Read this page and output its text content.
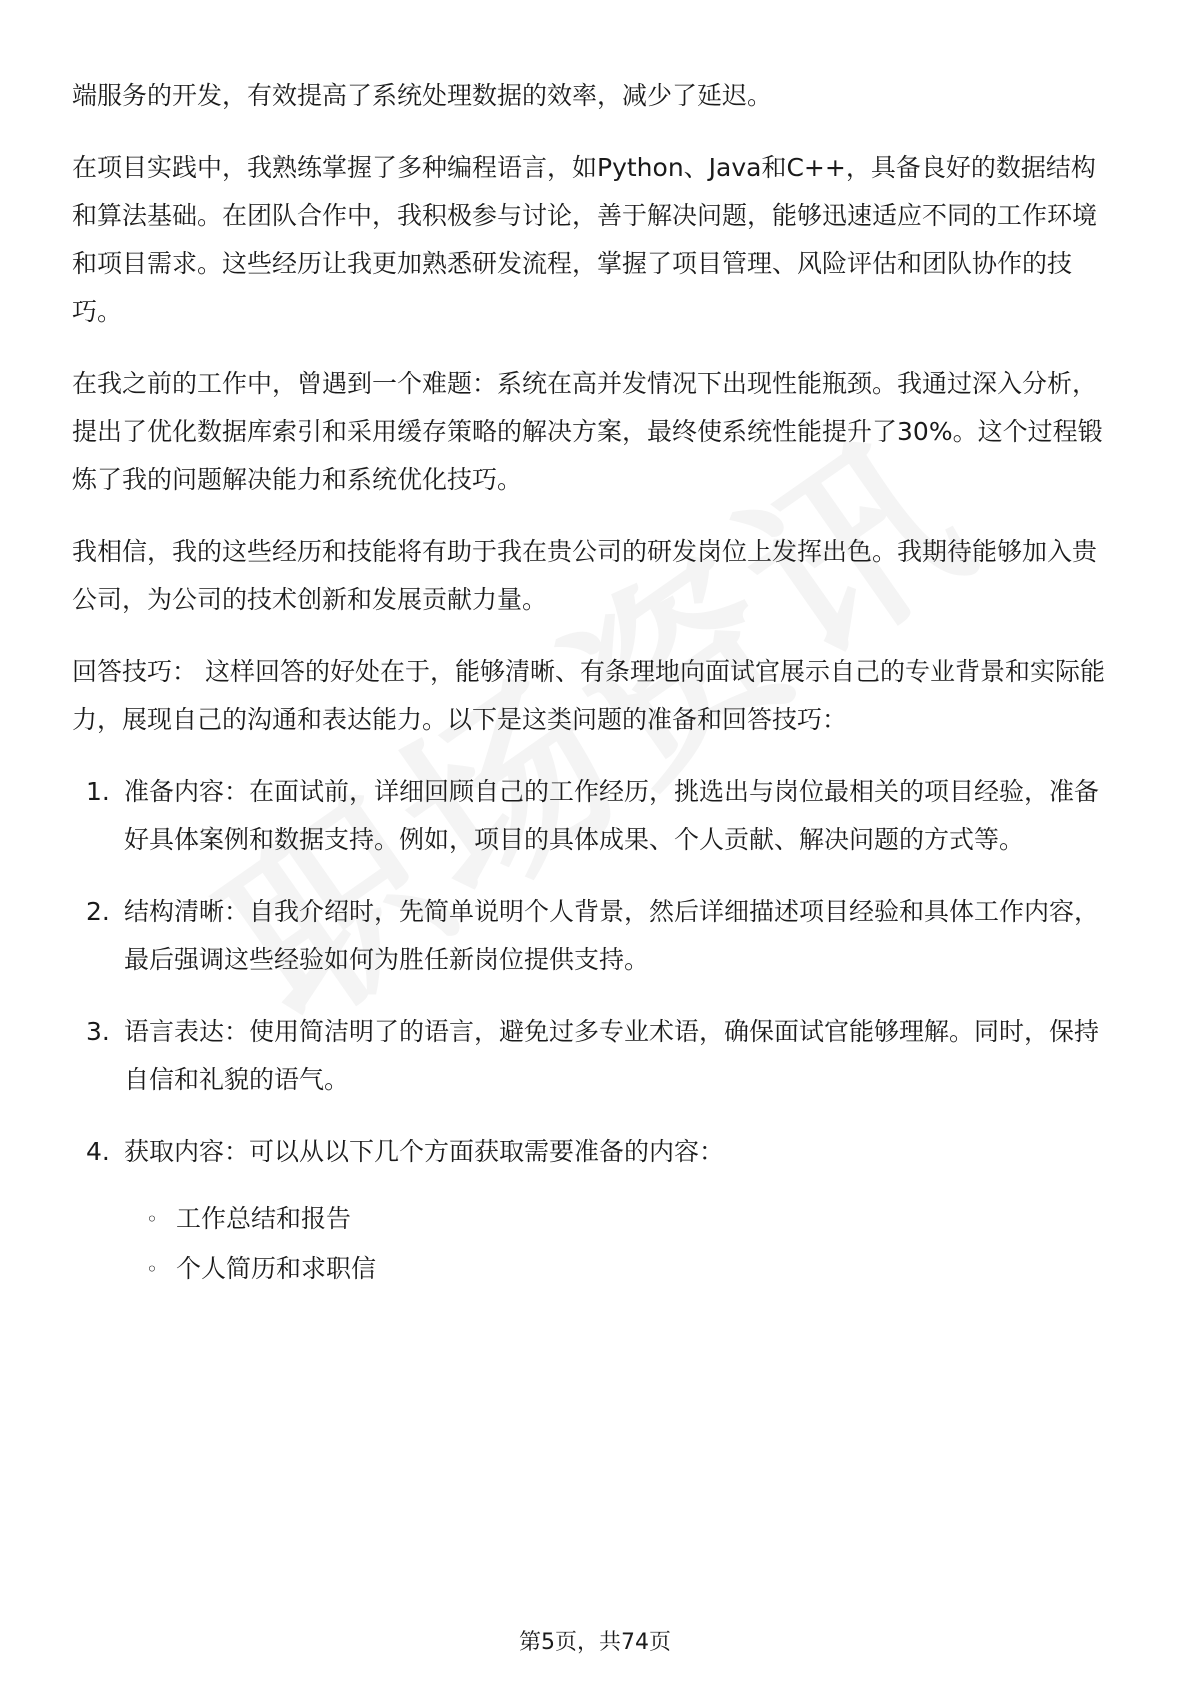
端服务的开发，有效提高了系统处理数据的效率，减少了延迟。

在项目实践中，我熟练掌握了多种编程语言，如Python、Java和C++，具备良好的数据结构和算法基础。在团队合作中，我积极参与讨论，善于解决问题，能够迅速适应不同的工作环境和项目需求。这些经历让我更加熟悉研发流程，掌握了项目管理、风险评估和团队协作的技巧。

在我之前的工作中，曾遇到一个难题：系统在高并发情况下出现性能瓶颈。我通过深入分析，提出了优化数据库索引和采用缓存策略的解决方案，最终使系统性能提升了30%。这个过程锻炼了我的问题解决能力和系统优化技巧。

我相信，我的这些经历和技能将有助于我在贵公司的研发岗位上发挥出色。我期待能够加入贵公司，为公司的技术创新和发展贡献力量。

回答技巧： 这样回答的好处在于，能够清晰、有条理地向面试官展示自己的专业背景和实际能力，展现自己的沟通和表达能力。以下是这类问题的准备和回答技巧：

1. 准备内容：在面试前，详细回顾自己的工作经历，挑选出与岗位最相关的项目经验，准备好具体案例和数据支持。例如，项目的具体成果、个人贡献、解决问题的方式等。
2. 结构清晰：自我介绍时，先简单说明个人背景，然后详细描述项目经验和具体工作内容，最后强调这些经验如何为胜任新岗位提供支持。
3. 语言表达：使用简洁明了的语言，避免过多专业术语，确保面试官能够理解。同时，保持自信和礼貌的语气。
4. 获取内容：可以从以下几个方面获取需要准备的内容：
◦ 工作总结和报告
◦ 个人简历和求职信
第5页，共74页
